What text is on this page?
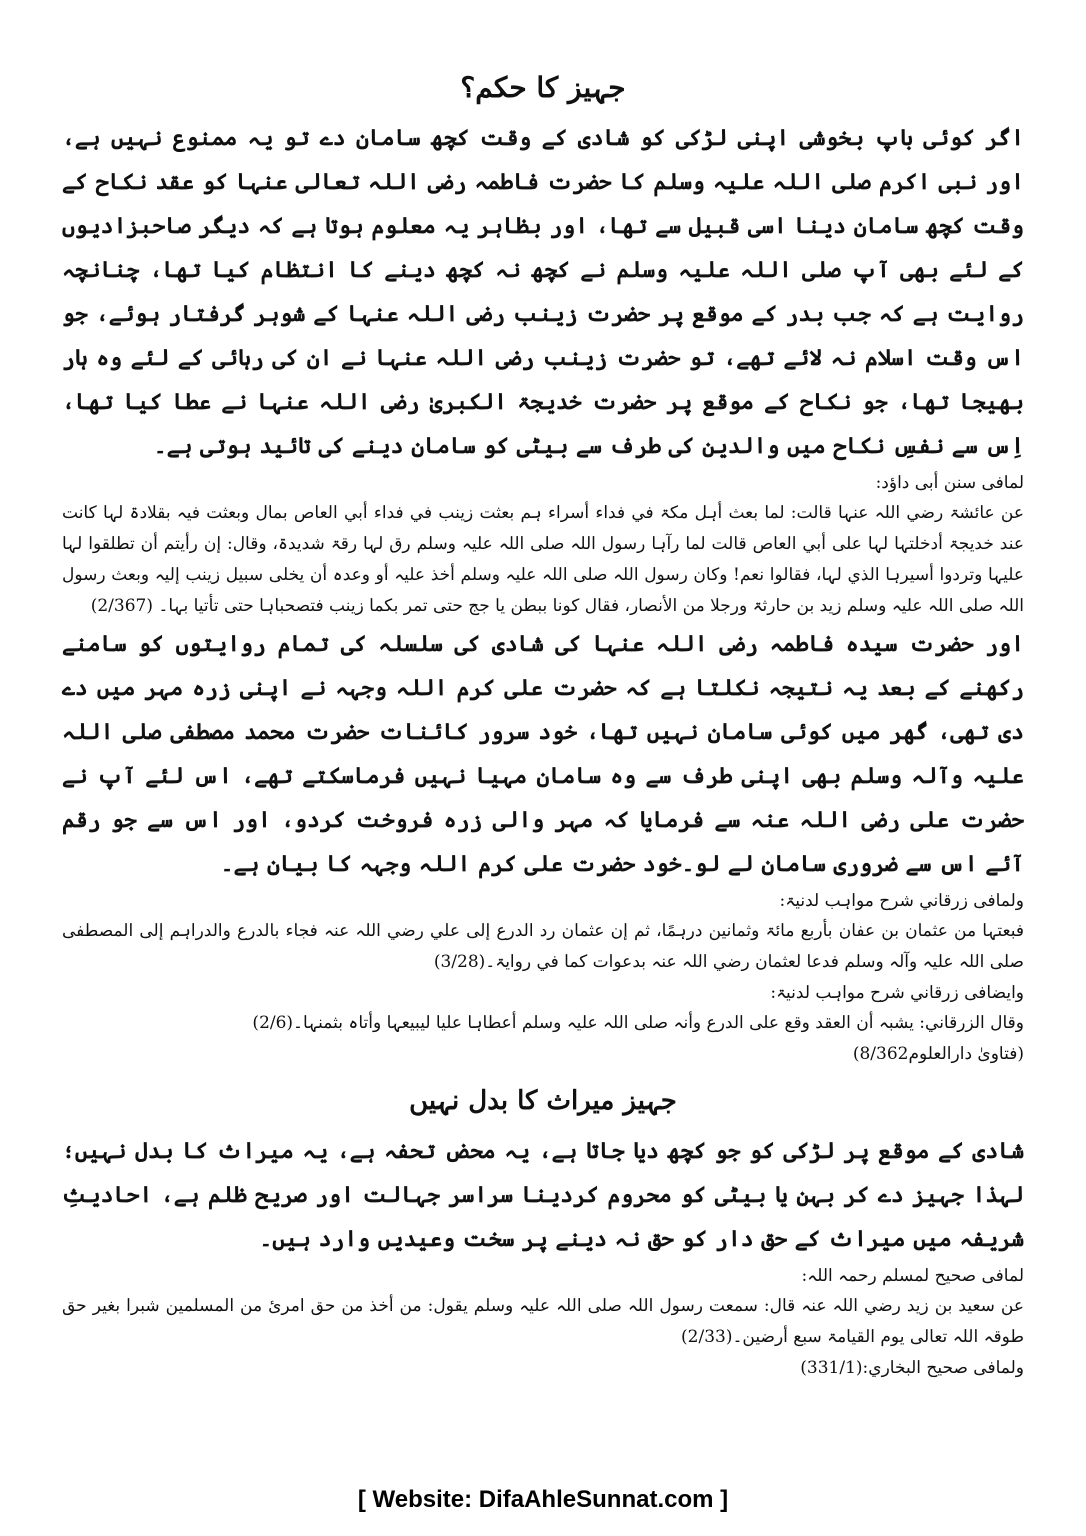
جہیز کا حکم؟

اگر کوئی باپ بخوشی اپنی لڑکی کو شادی کے وقت کچھ سامان دے تو یہ ممنوع نہیں ہے، اور نبی اکرم صلی اللہ علیہ وسلم کا حضرت فاطمہ رضی اللہ تعالی عنہا کو عقد نکاح کے وقت کچھ سامان دینا اسی قبیل سے تھا، اور بظاہر یہ معلوم ہوتا ہے کہ دیگر صاحبزادیوں کے لئے بھی آپ صلی اللہ علیہ وسلم نے کچھ نہ کچھ دینے کا انتظام کیا تھا، چنانچہ روایت ہے کہ جب بدر کے موقع پر حضرت زینب رضی اللہ عنہا کے شوہر گرفتار ہوئے، جو اس وقت اسلام نہ لائے تھے، تو حضرت زینب رضی اللہ عنہا نے ان کی رہائی کے لئے وہ ہار بھیجا تھا، جو نکاح کے موقع پر حضرت خدیجۃ الکبریٰ رضی اللہ عنہا نے عطا کیا تھا، اِس سے نفسِ نکاح میں والدین کی طرف سے بیٹی کو سامان دینے کی تائید ہوتی ہے۔

لمافی سنن أبی داؤد:

عن عائشۃ رضي اللہ عنہا قالت: لما بعث أہل مکۃ في فداء أسراء ہم بعثت زینب في فداء أبي العاص بمال وبعثت فیہ بقلادۃ لہا کانت عند خدیجۃ أدخلتہا لہا علی أبي العاص قالت لما رآہا رسول اللہ صلی اللہ علیہ وسلم رق لہا رقۃ شدیدۃ، وقال: إن رأیتم أن تطلقوا لہا علیہا وتردوا أسیرہا الذي لہا، فقالوا نعم! وکان رسول اللہ صلی اللہ علیہ وسلم أخذ علیہ أو وعدہ أن یخلی سبیل زینب إلیہ وبعث رسول اللہ صلی اللہ علیہ وسلم زید بن حارثۃ ورجلا من الأنصار، فقال کونا ببطن یا جج حتی تمر بکما زینب فتصحباہا حتی تأتیا بہا۔ (2/367)

اور حضرت سیدہ فاطمہ رضی اللہ عنہا کی شادی کی سلسلہ کی تمام روایتوں کو سامنے رکھنے کے بعد یہ نتیجہ نکلتا ہے کہ حضرت علی کرم اللہ وجہہ نے اپنی زرہ مہر میں دے دی تھی، گھر میں کوئی سامان نہیں تھا، خود سرور کائنات حضرت محمد مصطفی صلی اللہ علیہ وآلہ وسلم بھی اپنی طرف سے وہ سامان مہیا نہیں فرماسکتے تھے، اس لئے آپ نے حضرت علی رضی اللہ عنہ سے فرمایا کہ مہر والی زرہ فروخت کردو، اور اس سے جو رقم آئے اس سے ضروری سامان لے لو۔خود حضرت علی کرم اللہ وجہہ کا بیان ہے۔

ولمافی زرقاني شرح مواہب لدنیۃ:

فبعتہا من عثمان بن عفان بأربع مائۃ وثمانین درہمًا، ثم إن عثمان رد الدرع إلی علي رضي اللہ عنہ فجاء بالدرع والدراہم إلی المصطفی صلی اللہ علیہ وآلہ وسلم فدعا لعثمان رضي اللہ عنہ بدعوات کما في روایۃ۔(3/28)

وایضافی زرقاني شرح مواہب لدنیۃ:

وقال الزرقاني: یشبہ أن العقد وقع علی الدرع وأنہ صلی اللہ علیہ وسلم أعطاہا علیا لیبیعہا وأتاہ بثمنہا۔(2/6)

(فتاویٰ دارالعلوم8/362)

جہیز میراث کا بدل نہیں

شادی کے موقع پر لڑکی کو جو کچھ دیا جاتا ہے، یہ محض تحفہ ہے، یہ میراث کا بدل نہیں؛ لہذا جہیز دے کر بہن یا بیٹی کو محروم کردینا سراسر جہالت اور صریح ظلم ہے، احادیثِ شریفہ میں میراث کے حق دار کو حق نہ دینے پر سخت وعیدیں وارد ہیں۔

لمافی صحیح لمسلم رحمہ اللہ:

عن سعید بن زید رضي اللہ عنہ قال: سمعت رسول اللہ صلی اللہ علیہ وسلم یقول: من أخذ من حق امرئ من المسلمین شبرا بغیر حق طوقہ اللہ تعالی یوم القیامۃ سبع أرضین۔(2/33)

ولمافی صحیح البخاري:(331/1)

[ Website: DifaAhleSunnat.com ]
